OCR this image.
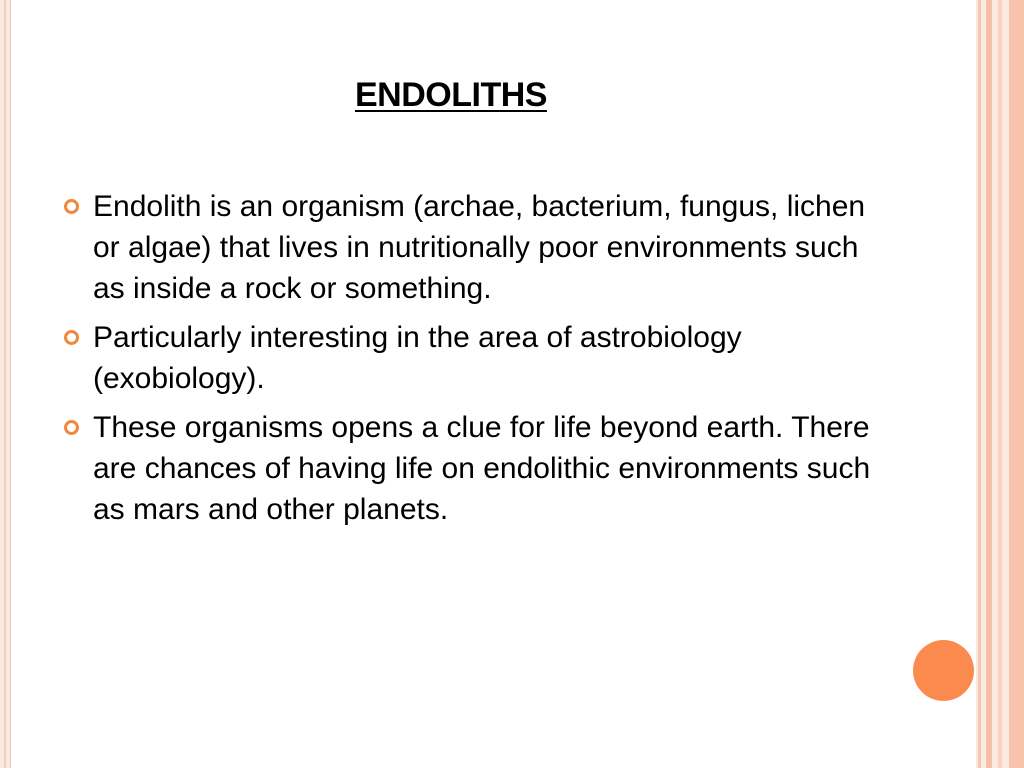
ENDOLITHS
Endolith is an organism (archae, bacterium, fungus, lichen or algae) that lives in nutritionally poor environments such as inside a rock or something.
Particularly interesting in the area of astrobiology (exobiology).
These organisms opens a clue for life beyond earth. There are chances of having life on endolithic environments such as mars and other planets.
